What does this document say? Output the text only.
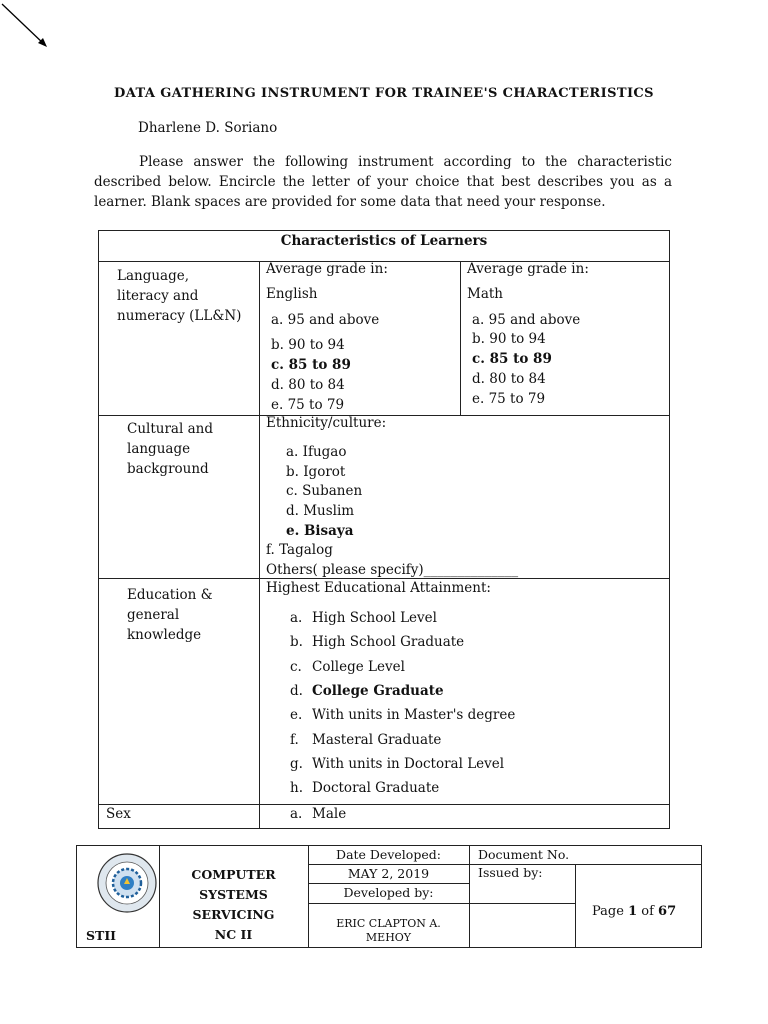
DATA GATHERING INSTRUMENT FOR TRAINEE'S CHARACTERISTICS
Dharlene D. Soriano
Please answer the following instrument according to the characteristic described below. Encircle the letter of your choice that best describes you as a learner. Blank spaces are provided for some data that need your response.
Characteristics of Learners
Language,
literacy and
numeracy (LL&N)
Average grade in:
English
a. 95 and above
b. 90 to 94
c. 85 to 89
d. 80 to 84
e. 75 to 79
Average grade in:
Math
a. 95 and above
b. 90 to 94
c. 85 to 89
d. 80 to 84
e. 75 to 79
Cultural and
language
background
Ethnicity/culture:
a. Ifugao
b. Igorot
c. Subanen
d. Muslim
e. Bisaya
f. Tagalog
Others( please specify)______________
Education &
general
knowledge
Highest Educational Attainment:
a. High School Level
b. High School Graduate
c. College Level
d. College Graduate
e. With units in Master's degree
f. Masteral Graduate
g. With units in Doctoral Level
h. Doctoral Graduate
Sex	a. Male
STII
COMPUTER
SYSTEMS
SERVICING
NC II
Date Developed:
MAY 2, 2019
Developed by:
ERIC CLAPTON A.
MEHOY
Document No.
Issued by:
Page 1 of 67
